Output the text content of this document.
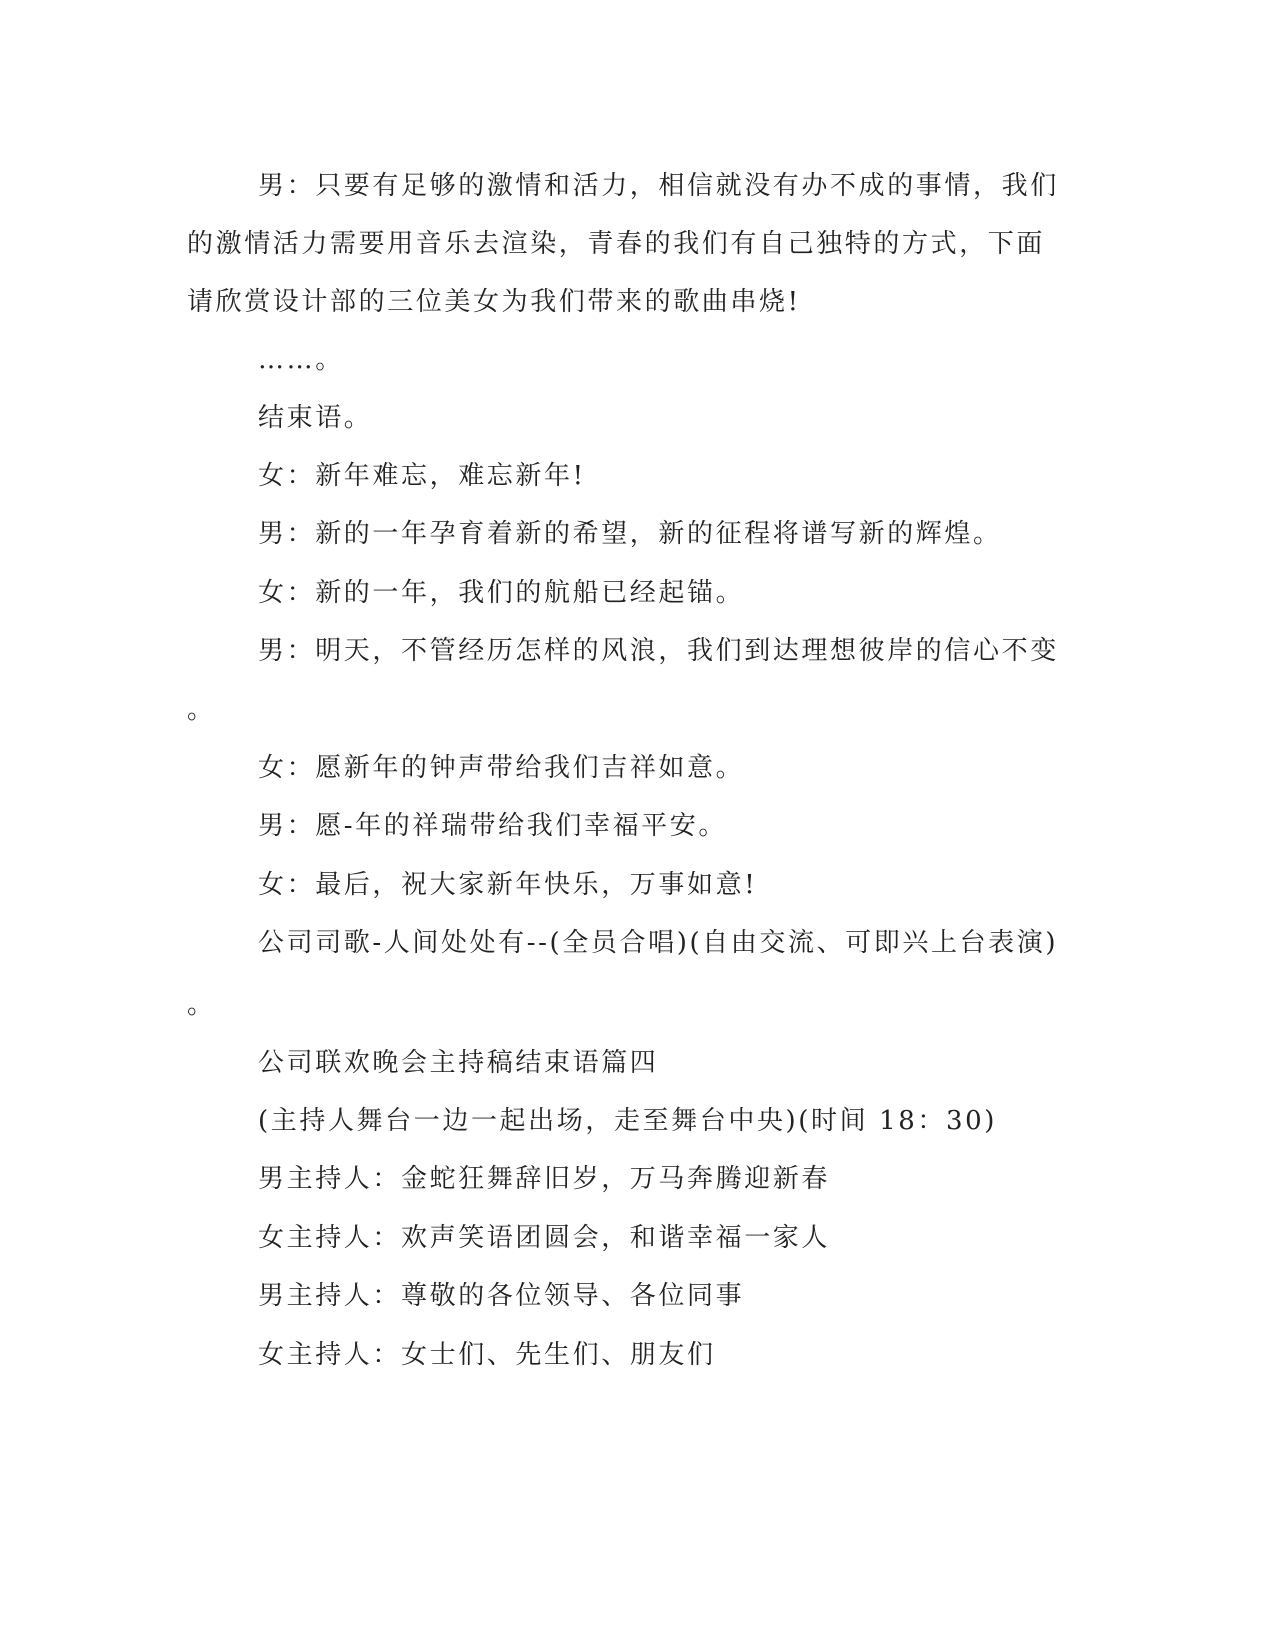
男：只要有足够的激情和活力，相信就没有办不成的事情，我们
的激情活力需要用音乐去渲染，青春的我们有自己独特的方式，下面
请欣赏设计部的三位美女为我们带来的歌曲串烧!
……。
结束语。
女：新年难忘，难忘新年!
男：新的一年孕育着新的希望，新的征程将谱写新的辉煌。
女：新的一年，我们的航船已经起锚。
男：明天，不管经历怎样的风浪，我们到达理想彼岸的信心不变
。
女：愿新年的钟声带给我们吉祥如意。
男：愿-年的祥瑞带给我们幸福平安。
女：最后，祝大家新年快乐，万事如意!
公司司歌-人间处处有--(全员合唱)(自由交流、可即兴上台表演)
。
公司联欢晚会主持稿结束语篇四
(主持人舞台一边一起出场，走至舞台中央)(时间 18：30)
男主持人：金蛇狂舞辞旧岁，万马奔腾迎新春
女主持人：欢声笑语团圆会，和谐幸福一家人
男主持人：尊敬的各位领导、各位同事
女主持人：女士们、先生们、朋友们
